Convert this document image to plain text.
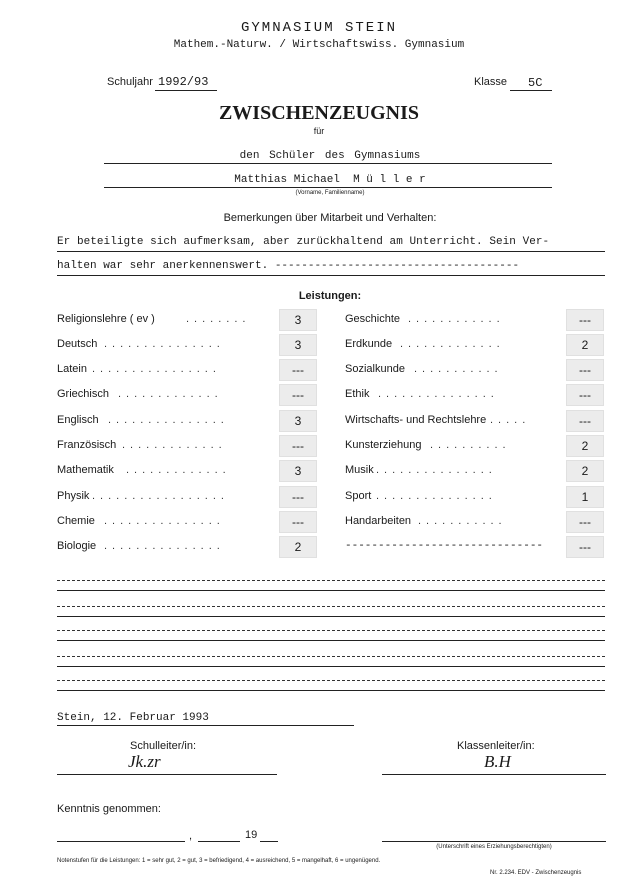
GYMNASIUM STEIN
Mathem.-Naturw. / Wirtschaftswiss. Gymnasium
Schuljahr 1992/93	Klasse 5C
ZWISCHENZEUGNIS
für
den Schüler des Gymnasiums
Matthias Michael  M ü l l e r
(Vorname, Familienname)
Bemerkungen über Mitarbeit und Verhalten:
Er beteiligte sich aufmerksam, aber zurückhaltend am Unterricht. Sein Ver-
halten war sehr anerkennenswert. -------------------------------------
Leistungen:
Religionslehre ( ev )	........	3
Deutsch ...............	3
Latein ................	---
Griechisch .............	---
Englisch ...............	3
Französisch .............	---
Mathematik .............	3
Physik .................	---
Chemie ...............	---
Biologie ...............	2
Geschichte ............	---
Erdkunde .............	2
Sozialkunde ...........	---
Ethik ...............	---
Wirtschafts- und Rechtslehre .....	---
Kunsterziehung ..........	2
Musik ...............	2
Sport ...............	1
Handarbeiten ...........	---
------------------------------	---
Stein, 12. Februar 1993
Schulleiter/in:
Jk.zr
Klassenleiter/in:
B.H
Kenntnis genommen:
,	19
(Unterschrift eines Erziehungsberechtigten)
Notenstufen für die Leistungen: 1 = sehr gut, 2 = gut, 3 = befriedigend, 4 = ausreichend, 5 = mangelhaft, 6 = ungenügend.
Nr. 2.234. EDV - Zwischenzeugnis
